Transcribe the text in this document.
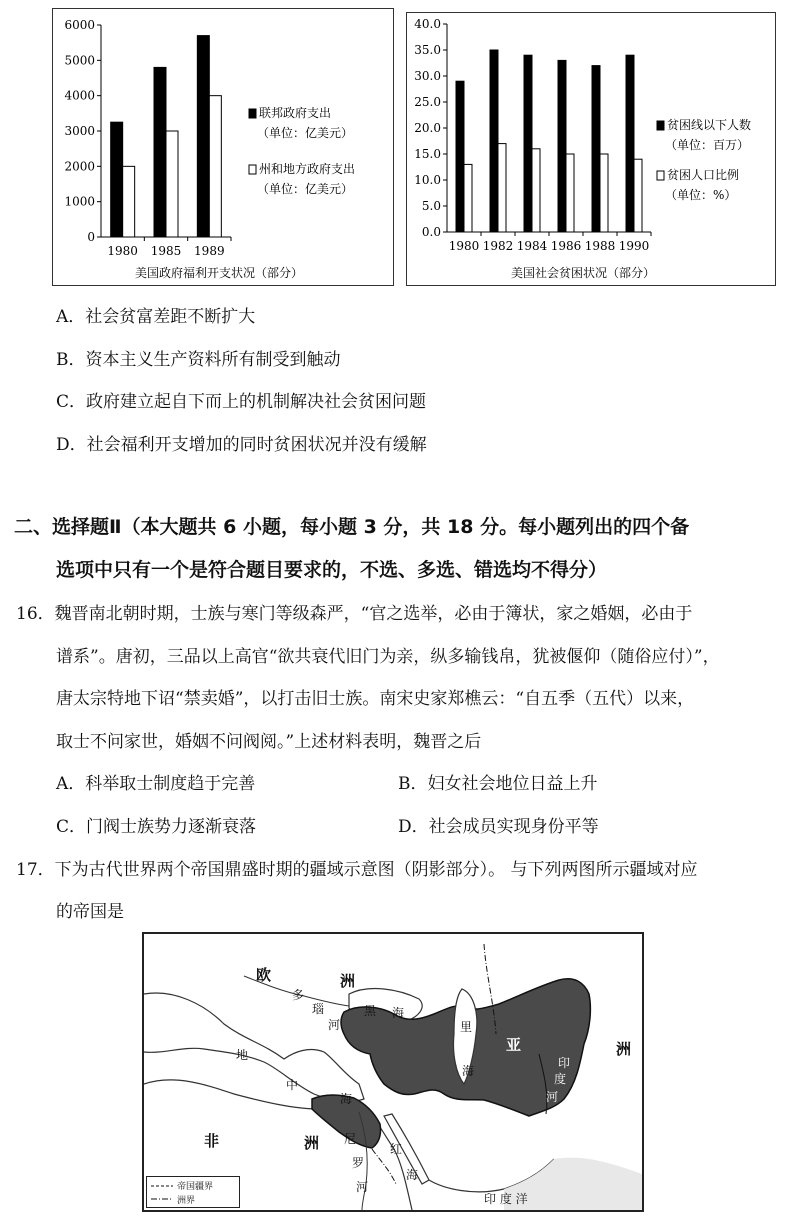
0
1000
2000
3000
4000
5000
6000
1980 1985 1989
美国政府福利开支状况（部分）
联邦政府支出
（单位：亿美元）
州和地方政府支出
（单位：亿美元）
0.0
5.0
10.0
15.0
20.0
25.0
30.0
35.0
40.0
1980 1982 1984 1986 1988 1990
美国社会贫困状况（部分）
贫困线以下人数
（单位：百万）
贫困人口比例
（单位：%）
A．社会贫富差距不断扩大
B．资本主义生产资料所有制受到触动
C．政府建立起自下而上的机制解决社会贫困问题
D．社会福利开支增加的同时贫困状况并没有缓解
二、选择题Ⅱ（本大题共 6 小题，每小题 3 分，共 18 分。每小题列出的四个备
选项中只有一个是符合题目要求的，不选、多选、错选均不得分）
16．魏晋南北朝时期，士族与寒门等级森严，“官之选举，必由于簿状，家之婚姻，必由于
谱系”。唐初，三品以上高官“欲共衰代旧门为亲，纵多输钱帛，犹被偃仰（随俗应付）”，
唐太宗特地下诏“禁卖婚”，以打击旧士族。南宋史家郑樵云：“自五季（五代）以来，
取士不问家世，婚姻不问阀阅。”上述材料表明，魏晋之后
A．科举取士制度趋于完善	B．妇女社会地位日益上升
C．门阀士族势力逐渐衰落	D．社会成员实现身份平等
17．下为古代世界两个帝国鼎盛时期的疆域示意图（阴影部分）。 与下列两图所示疆域对应
的帝国是
欧	洲
多
瑙
河
黑 海
里
海
地
中
海
亚	洲
印
度
河
非	洲 尼
罗
河
红
海
印 度 洋
帝国疆界
洲界
